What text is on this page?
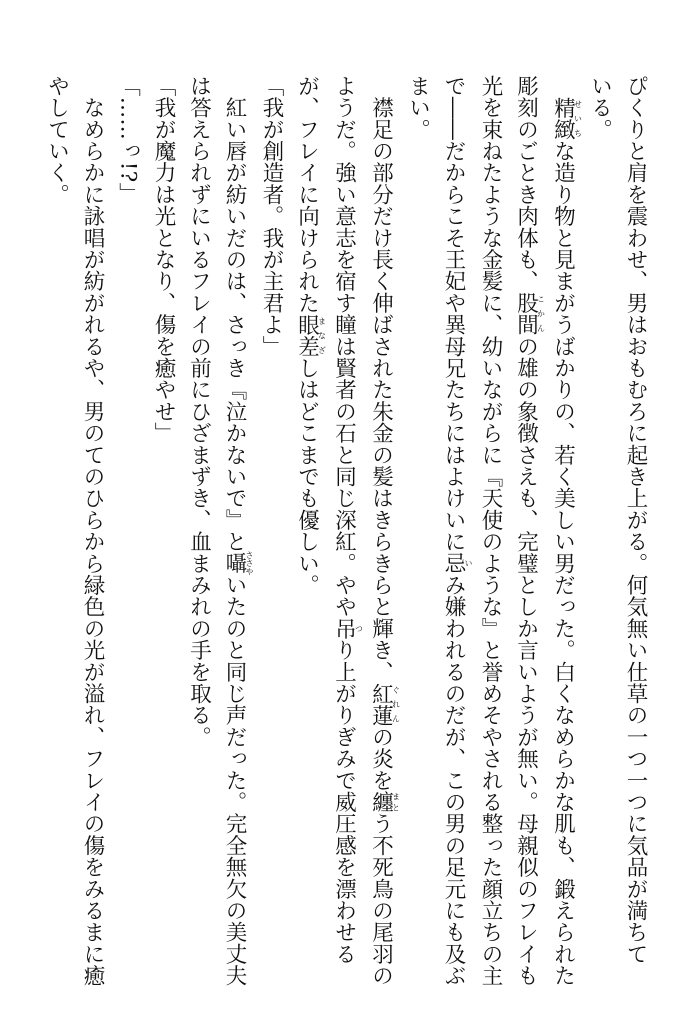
ぴくりと肩を震わせ、男はおもむろに起き上がる。何気無い仕草の一つ一つに気品が満ちて
いる。
　精緻せいちな造り物と見まがうばかりの、若く美しい男だった。白くなめらかな肌も、鍛えられた
彫刻のごとき肉体も、股間こかんの雄の象徴さえも、完璧としか言いようが無い。母親似のフレイも
光を束ねたような金髪に、幼いながらに『天使のような』と誉めそやされる整った顔立ちの主
で――だからこそ王妃や異母兄たちにはよけいに忌いみ嫌われるのだが、この男の足元にも及ぶ
まい。
　襟足の部分だけ長く伸ばされた朱金の髪はきらきらと輝き、紅蓮ぐれんの炎を纏まとう不死鳥の尾羽の
ようだ。強い意志を宿す瞳は賢者の石と同じ深紅。やや吊つり上がりぎみで威圧感を漂わせる
が、フレイに向けられた眼差まなざしはどこまでも優しい。
「我が創造者。我が主君よ」
　紅い唇が紡いだのは、さっき『泣かないで』と囁ささやいたのと同じ声だった。完全無欠の美丈夫
は答えられずにいるフレイの前にひざまずき、血まみれの手を取る。
「我が魔力は光となり、傷を癒やせ」
「……っ!?」
　なめらかに詠唱が紡がれるや、男のてのひらから緑色の光が溢れ、フレイの傷をみるまに癒
やしていく。
